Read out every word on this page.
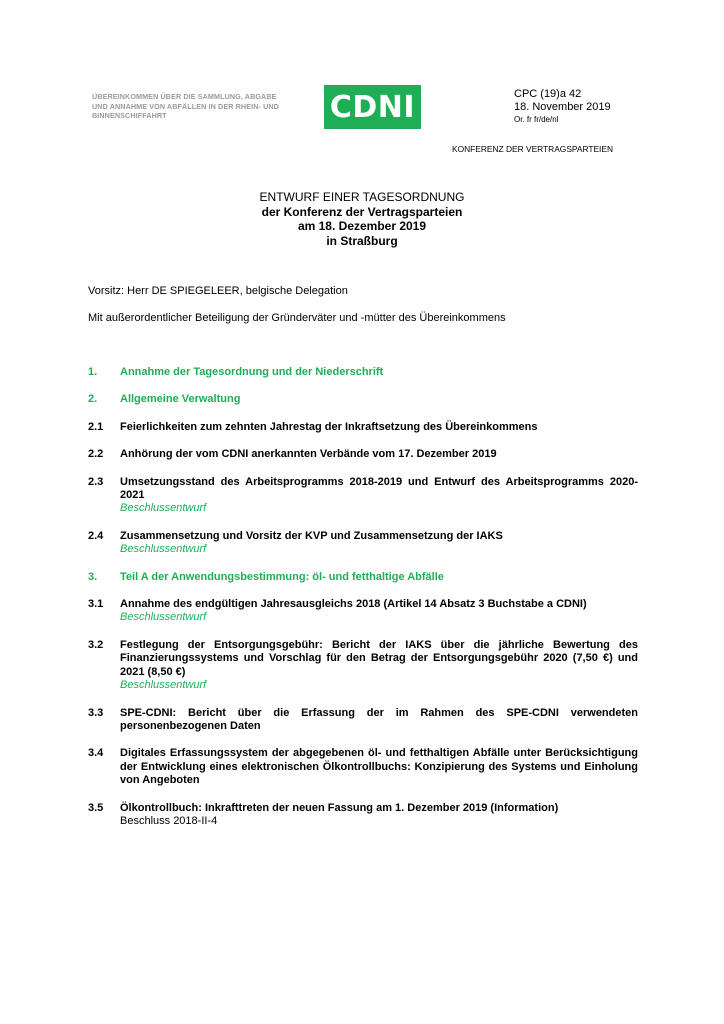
ÜBEREINKOMMEN ÜBER DIE SAMMLUNG, ABGABE
UND ANNAHME VON ABFÄLLEN IN DER RHEIN- UND
BINNENSCHIFFAHRT	CDNI	CPC (19)a 42
18. November 2019
Or. fr fr/de/nl
KONFERENZ DER VERTRAGSPARTEIEN
ENTWURF EINER TAGESORDNUNG
der Konferenz der Vertragsparteien
am 18. Dezember 2019
in Straßburg
Vorsitz: Herr DE SPIEGELEER, belgische Delegation
Mit außerordentlicher Beteiligung der Gründerväter und -mütter des Übereinkommens
1. Annahme der Tagesordnung und der Niederschrift
2. Allgemeine Verwaltung
2.1 Feierlichkeiten zum zehnten Jahrestag der Inkraftsetzung des Übereinkommens
2.2 Anhörung der vom CDNI anerkannten Verbände vom 17. Dezember 2019
2.3 Umsetzungsstand des Arbeitsprogramms 2018-2019 und Entwurf des Arbeitsprogramms 2020-2021
Beschlussentwurf
2.4 Zusammensetzung und Vorsitz der KVP und Zusammensetzung der IAKS
Beschlussentwurf
3. Teil A der Anwendungsbestimmung: öl- und fetthaltige Abfälle
3.1 Annahme des endgültigen Jahresausgleichs 2018 (Artikel 14 Absatz 3 Buchstabe a CDNI)
Beschlussentwurf
3.2 Festlegung der Entsorgungsgebühr: Bericht der IAKS über die jährliche Bewertung des Finanzierungssystems und Vorschlag für den Betrag der Entsorgungsgebühr 2020 (7,50 €) und 2021 (8,50 €)
Beschlussentwurf
3.3 SPE-CDNI: Bericht über die Erfassung der im Rahmen des SPE-CDNI verwendeten personenbezogenen Daten
3.4 Digitales Erfassungssystem der abgegebenen öl- und fetthaltigen Abfälle unter Berücksichtigung der Entwicklung eines elektronischen Ölkontrollbuchs: Konzipierung des Systems und Einholung von Angeboten
3.5 Ölkontrollbuch: Inkrafttreten der neuen Fassung am 1. Dezember 2019 (Information)
Beschluss 2018-II-4
